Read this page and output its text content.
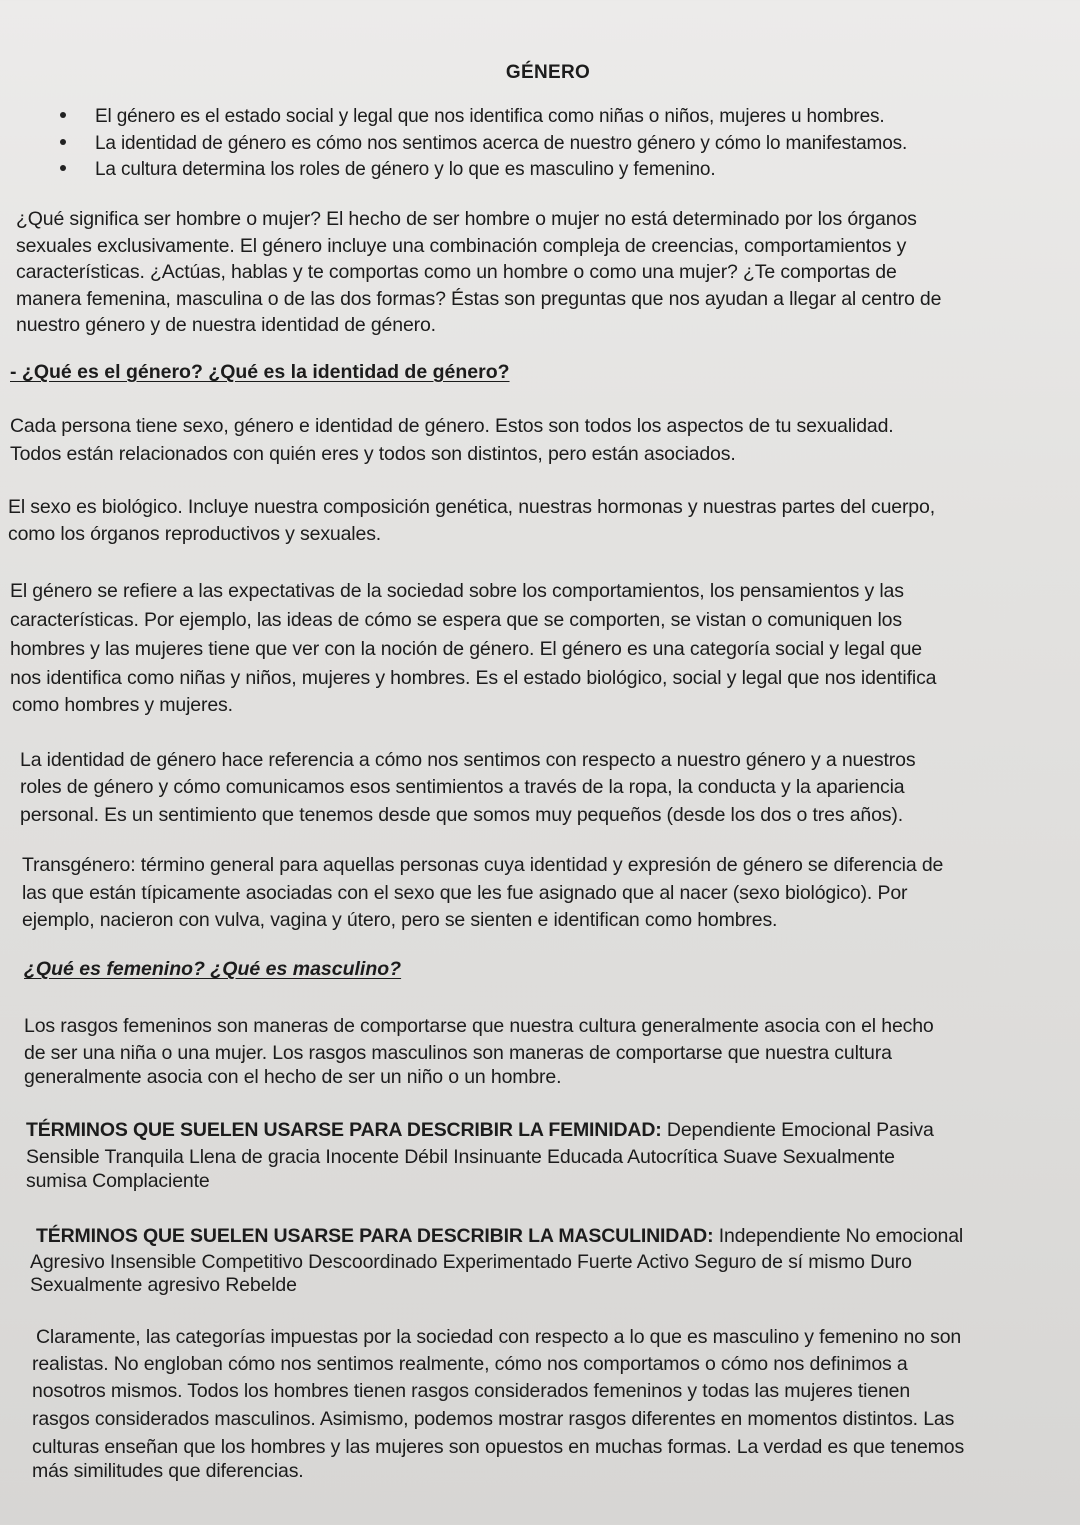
GÉNERO
El género es el estado social y legal que nos identifica como niñas o niños, mujeres u hombres.
La identidad de género es cómo nos sentimos acerca de nuestro género y cómo lo manifestamos.
La cultura determina los roles de género y lo que es masculino y femenino.
¿Qué significa ser hombre o mujer? El hecho de ser hombre o mujer no está determinado por los órganos
sexuales exclusivamente. El género incluye una combinación compleja de creencias, comportamientos y
características. ¿Actúas, hablas y te comportas como un hombre o como una mujer? ¿Te comportas de
manera femenina, masculina o de las dos formas? Éstas son preguntas que nos ayudan a llegar al centro de
nuestro género y de nuestra identidad de género.
- ¿Qué es el género? ¿Qué es la identidad de género?
Cada persona tiene sexo, género e identidad de género. Estos son todos los aspectos de tu sexualidad.
Todos están relacionados con quién eres y todos son distintos, pero están asociados.
El sexo es biológico. Incluye nuestra composición genética, nuestras hormonas y nuestras partes del cuerpo,
como los órganos reproductivos y sexuales.
El género se refiere a las expectativas de la sociedad sobre los comportamientos, los pensamientos y las
características. Por ejemplo, las ideas de cómo se espera que se comporten, se vistan o comuniquen los
hombres y las mujeres tiene que ver con la noción de género. El género es una categoría social y legal que
nos identifica como niñas y niños, mujeres y hombres. Es el estado biológico, social y legal que nos identifica
como hombres y mujeres.
La identidad de género hace referencia a cómo nos sentimos con respecto a nuestro género y a nuestros
roles de género y cómo comunicamos esos sentimientos a través de la ropa, la conducta y la apariencia
personal. Es un sentimiento que tenemos desde que somos muy pequeños (desde los dos o tres años).
Transgénero: término general para aquellas personas cuya identidad y expresión de género se diferencia de
las que están típicamente asociadas con el sexo que les fue asignado que al nacer (sexo biológico). Por
ejemplo, nacieron con vulva, vagina y útero, pero se sienten e identifican como hombres.
¿Qué es femenino? ¿Qué es masculino?
Los rasgos femeninos son maneras de comportarse que nuestra cultura generalmente asocia con el hecho
de ser una niña o una mujer. Los rasgos masculinos son maneras de comportarse que nuestra cultura
generalmente asocia con el hecho de ser un niño o un hombre.
TÉRMINOS QUE SUELEN USARSE PARA DESCRIBIR LA FEMINIDAD: Dependiente Emocional Pasiva
Sensible Tranquila Llena de gracia Inocente Débil Insinuante Educada Autocrítica Suave Sexualmente
sumisa Complaciente
TÉRMINOS QUE SUELEN USARSE PARA DESCRIBIR LA MASCULINIDAD: Independiente No emocional
Agresivo Insensible Competitivo Descoordinado Experimentado Fuerte Activo Seguro de sí mismo Duro
Sexualmente agresivo Rebelde
Claramente, las categorías impuestas por la sociedad con respecto a lo que es masculino y femenino no son
realistas. No engloban cómo nos sentimos realmente, cómo nos comportamos o cómo nos definimos a
nosotros mismos. Todos los hombres tienen rasgos considerados femeninos y todas las mujeres tienen
rasgos considerados masculinos. Asimismo, podemos mostrar rasgos diferentes en momentos distintos. Las
culturas enseñan que los hombres y las mujeres son opuestos en muchas formas. La verdad es que tenemos
más similitudes que diferencias.
